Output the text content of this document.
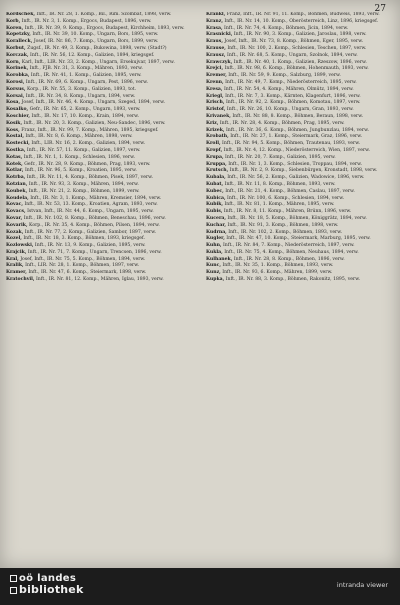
27

Kordschek, Inft., IR. Nr. 28, 1. Komp., Bil., Rim. Szombat, 1898, verw.

Korb, Inft., IR. Nr. 3, 1. Komp., Ergocs, Budapest, 1896, verw.

Koren, Inft., IR. Nr. 39, 9. Komp., Ergocs, Budapest, Kirchheim, 1893, verw.

Kopetzky, Inft., IR. Nr. 39, 10. Komp., Ungarn, Bors, 1895, verw.

Koralleck, Josef, IR. Nr. 86, 7. Komp., Ungarn, Bors, 1899, verw.

Korbut, Zugsf., IR. Nr. 49, 3. Komp., Bukowina, 1898, verw. (Stadt?)

Korczak, Inft., IR. Nr. 56, 12. Komp., Galizien, 1894, kriegsgef.

Korn, Karl, Inft., LIR. Nr. 33, 2. Komp., Ungarn, Ersekujvar, 1897, verw.

Korinek, Inft., FJB. Nr. 31, 3. Komp., Mähren, 1893, verw.

Korobka, Inft., IR. Nr. 41, 1. Komp., Galizien, 1895, verw.

Korosi, Inft., IR. Nr. 69, 6. Komp., Ungarn, Pest, 1896, verw.

Korsus, Korp., IR. Nr. 55, 3. Komp., Galizien, 1893, tot.

Korsai, Inft., IR. Nr. 34, 8. Komp., Ungarn, 1894, verw.

Kosa, Josef, Inft., IR. Nr. 46, 4. Komp., Ungarn, Szeged, 1894, verw.

Kosalko, Gefr., IR. Nr. 65, 2. Komp., Ungarn, 1893, verw.

Koschier, Inft., IR. Nr. 17, 10. Komp., Krain, 1894, verw.

Kosik, Inft., IR. Nr. 20, 3. Komp., Galizien, Neu-Sandec, 1896, verw.

Koss, Franz, Inft., IR. Nr. 99, 7. Komp., Mähren, 1895, kriegsgef.

Kostal, Inft., IR. Nr. 8, 6. Komp., Mähren, 1898, verw.

Kostecki, Inft., LIR. Nr. 16, 2. Komp., Galizien, 1894, verw.

Kostka, Inft., IR. Nr. 57, 11. Komp., Galizien, 1897, verw.

Kotas, Inft., IR. Nr. 1, 1. Komp., Schlesien, 1896, verw.

Kotek, Gefr., IR. Nr. 28, 9. Komp., Böhmen, Prag, 1893, verw.

Kotlar, Inft., IR. Nr. 96, 5. Komp., Kroatien, 1895, verw.

Kotrba, Inft., IR. Nr. 11, 4. Komp., Böhmen, Pisek, 1897, verw.

Kotzian, Inft., IR. Nr. 93, 3. Komp., Mähren, 1894, verw.

Koubek, Inft., IR. Nr. 21, 2. Komp., Böhmen, 1899, verw.

Koudela, Inft., IR. Nr. 3, 1. Komp., Mähren, Kremsier, 1894, verw.

Kovac, Inft., IR. Nr. 53, 13. Komp., Kroatien, Agram, 1893, verw.

Kovacs, Istvan, Inft., IR. Nr. 44, 6. Komp., Ungarn, 1895, verw.

Kovar, Inft., IR. Nr. 102, 8. Komp., Böhmen, Beneschau, 1896, verw.

Kovarik, Korp., IR. Nr. 35, 4. Komp., Böhmen, Pilsen, 1894, verw.

Kozak, Inft., IR. Nr. 77, 2. Komp., Galizien, Sambor, 1897, verw.

Kozel, Inft., IR. Nr. 18, 3. Komp., Böhmen, 1893, kriegsgef.

Kozlowski, Inft., IR. Nr. 13, 9. Komp., Galizien, 1895, verw.

Krajcik, Inft., IR. Nr. 71, 7. Komp., Ungarn, Trencsen, 1896, verw.

Kral, Josef, Inft., IR. Nr. 75, 5. Komp., Böhmen, 1894, verw.

Kralik, Inft., LIR. Nr. 28, 1. Komp., Böhmen, 1897, verw.

Kramer, Inft., IR. Nr. 47, 6. Komp., Steiermark, 1898, verw.

Kratochvil, Inft., IR. Nr. 81, 12. Komp., Mähren, Iglau, 1893, verw.

Krankl, Franz, Inft., IR. Nr. 91, 11. Komp., Böhmen, Budweis, 1893, verw.

Kranz, Inft., IR. Nr. 14, 10. Komp., Oberösterreich, Linz, 1896, kriegsgef.

Krasa, Inft., IR. Nr. 74, 4. Komp., Böhmen, Jicin, 1894, verw.

Krasnicki, Inft., IR. Nr. 90, 3. Komp., Galizien, Jaroslau, 1898, verw.

Kraus, Josef, Inft., IR. Nr. 73, 8. Komp., Böhmen, Eger, 1895, verw.

Krause, Inft., IR. Nr. 100, 2. Komp., Schlesien, Teschen, 1897, verw.

Krausz, Inft., IR. Nr. 68, 5. Komp., Ungarn, Szolnok, 1894, verw.

Krawczyk, Inft., IR. Nr. 40, 1. Komp., Galizien, Rzeszow, 1896, verw.

Krejci, Inft., IR. Nr. 98, 6. Komp., Böhmen, Hohenmauth, 1893, verw.

Kremer, Inft., IR. Nr. 59, 9. Komp., Salzburg, 1899, verw.

Krenn, Inft., IR. Nr. 49, 7. Komp., Niederösterreich, 1895, verw.

Kresa, Inft., IR. Nr. 54, 4. Komp., Mähren, Olmütz, 1894, verw.

Kriegl, Inft., IR. Nr. 7, 3. Komp., Kärnten, Klagenfurt, 1896, verw.

Krisch, Inft., IR. Nr. 92, 2. Komp., Böhmen, Komotau, 1897, verw.

Kristof, Inft., IR. Nr. 26, 10. Komp., Ungarn, Gran, 1893, verw.

Krivanek, Inft., IR. Nr. 88, 8. Komp., Böhmen, Beraun, 1898, verw.

Kriz, Inft., IR. Nr. 28, 4. Komp., Böhmen, Prag, 1895, verw.

Krizek, Inft., IR. Nr. 36, 6. Komp., Böhmen, Jungbunzlau, 1894, verw.

Krobath, Inft., IR. Nr. 27, 1. Komp., Steiermark, Graz, 1896, verw.

Kroll, Inft., IR. Nr. 94, 5. Komp., Böhmen, Trautenau, 1893, verw.

Kropf, Inft., IR. Nr. 4, 12. Komp., Niederösterreich, Wien, 1897, verw.

Krupa, Inft., IR. Nr. 20, 7. Komp., Galizien, 1895, verw.

Kruppa, Inft., IR. Nr. 1, 3. Komp., Schlesien, Troppau, 1894, verw.

Krutsch, Inft., IR. Nr. 2, 9. Komp., Siebenbürgen, Kronstadt, 1898, verw.

Kubala, Inft., IR. Nr. 56, 2. Komp., Galizien, Wadowice, 1896, verw.

Kubat, Inft., IR. Nr. 11, 8. Komp., Böhmen, 1893, verw.

Kubec, Inft., IR. Nr. 21, 4. Komp., Böhmen, Caslau, 1897, verw.

Kubica, Inft., IR. Nr. 100, 6. Komp., Schlesien, 1894, verw.

Kubik, Inft., IR. Nr. 81, 1. Komp., Mähren, 1895, verw.

Kubis, Inft., IR. Nr. 8, 11. Komp., Mähren, Brünn, 1896, verw.

Kucera, Inft., IR. Nr. 18, 5. Komp., Böhmen, Königgrätz, 1894, verw.

Kuchar, Inft., IR. Nr. 91, 3. Komp., Böhmen, 1898, verw.

Kudrna, Inft., IR. Nr. 102, 2. Komp., Böhmen, 1893, verw.

Kugler, Inft., IR. Nr. 47, 10. Komp., Steiermark, Marburg, 1895, verw.

Kuhn, Inft., IR. Nr. 84, 7. Komp., Niederösterreich, 1897, verw.

Kukla, Inft., IR. Nr. 75, 4. Komp., Böhmen, Neuhaus, 1894, verw.

Kulhanek, Inft., IR. Nr. 28, 8. Komp., Böhmen, 1896, verw.

Kunc, Inft., IR. Nr. 35, 1. Komp., Böhmen, 1893, verw.

Kunz, Inft., IR. Nr. 93, 6. Komp., Mähren, 1899, verw.

Kupka, Inft., IR. Nr. 88, 3. Komp., Böhmen, Rakonitz, 1895, verw.

oö landes
bibliothek	intranda viewer
